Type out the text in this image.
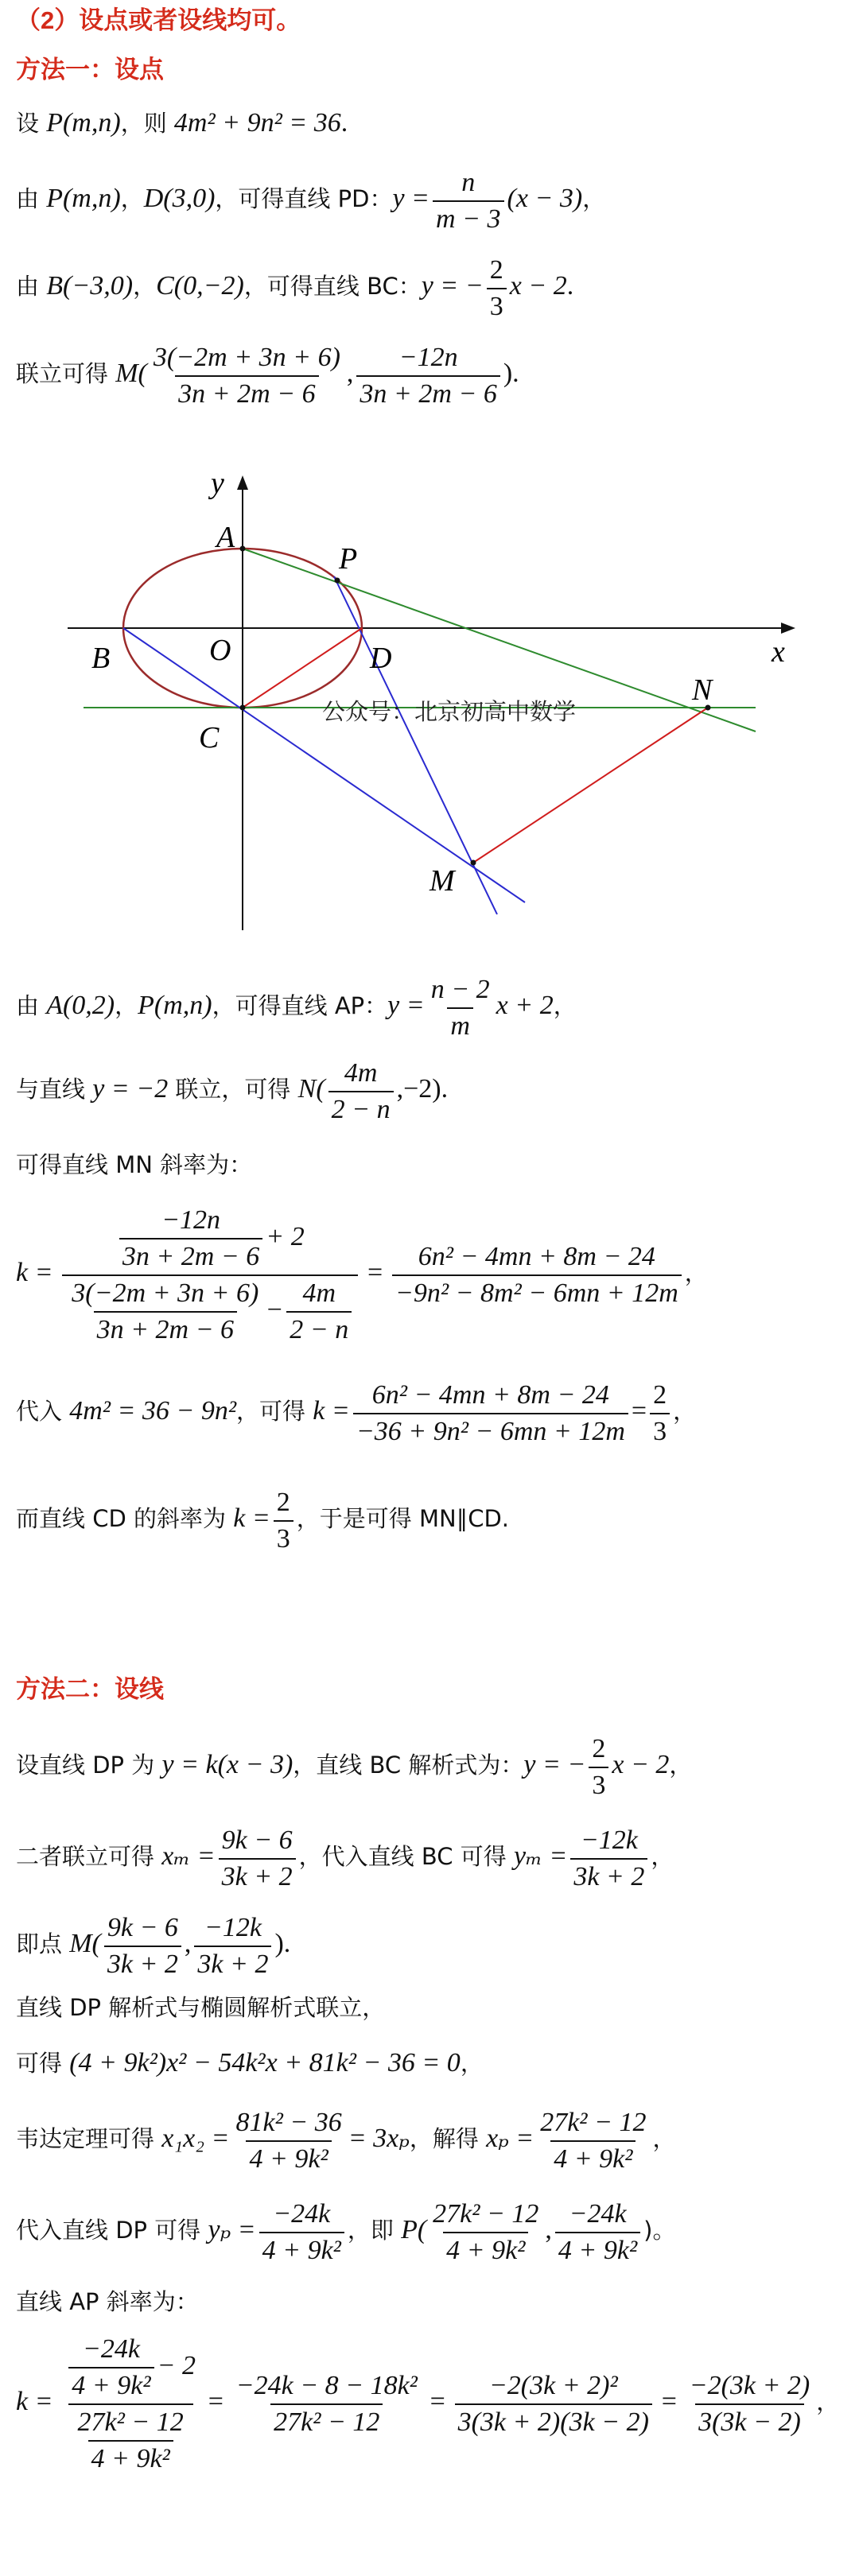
（2）设点或者设线均可。
方法一：设点
设 P(m,n)，则 4m² + 9n² = 36.
由 P(m,n)，D(3,0)，可得直线 PD：$y = \frac{n}{m - 3} (x - 3)$，
由 B(−3,0)，C(0,−2)，可得直线 BC：y = − $\frac{2}{3}$ x − 2.
联立可得 $M( \frac{3(-2m + 3n + 6)}{3n + 2m - 6}$ , $\frac{-12n}{3n + 2m - 6}$ ).
y
x
A
P
B	O	D
C
N
M
公众号：北京初高中数学
由 A(0,2)，P(m,n)，可得直线 AP：$y = \frac{n - 2}{m}$ x + 2，
与直线 y = −2 联立，可得 $N( \frac{4m}{2 - n} ,-2)$.
可得直线 MN 斜率为：
$k = \frac{\frac{-12n}{3n + 2m - 6} + 2}{\frac{3(-2m + 3n + 6)}{3n + 2m - 6} - \frac{4m}{2 - n}} = \frac{\text{6n² − 4mn + 8m − 24}}{\text{−9n² − 8m² − 6mn + 12m}}$ ，
代入 4m² = 36 − 9n²，可得 $k = \frac{\text{6n² − 4mn + 8m − 24}}{\text{−36 + 9n² − 6mn + 12m}} = \frac{2}{3}$ ，
而直线 CD 的斜率为 $k = \frac{2}{3}$ ，于是可得 MN∥CD.
方法二：设线
设直线 DP 为 y = k(x − 3)，直线 BC 解析式为：y = − $\frac{2}{3}$ x − 2，
二者联立可得 $x_m = \frac{9k - 6}{3k + 2}$ ，代入直线 BC 可得 $y_m = \frac{-12k}{3k + 2}$ ，
即点 $M( \frac{9k - 6}{3k + 2}$ , $\frac{-12k}{3k + 2}$ ).
直线 DP 解析式与椭圆解析式联立，
可得 (4 + 9k²)x² − 54k²x + 81k² − 36 = 0，
韦达定理可得 $x_1x_2 = \frac{\text{81k² − 36}}{\text{4 + 9k²}} = 3x_p$，解得 $x_p = \frac{\text{27k² − 12}}{\text{4 + 9k²}}$ ，
代入直线 DP 可得 $y_p = \frac{-24k}{\text{4 + 9k²}}$ ，即 $P( \frac{\text{27k² − 12}}{\text{4 + 9k²}}$ , $\frac{-24k}{\text{4 + 9k²}}$ )。
直线 AP 斜率为：
$k = \frac{\frac{-24k}{\text{4 + 9k²}} - 2}{\frac{\text{27k² − 12}}{\text{4 + 9k²}}} = \frac{\text{−24k − 8 − 18k²}}{\text{27k² − 12}} = \frac{\text{−2(3k + 2)²}}{3(3k + 2)(3k - 2)} = \frac{-2(3k + 2)}{3(3k - 2)}$ ，
